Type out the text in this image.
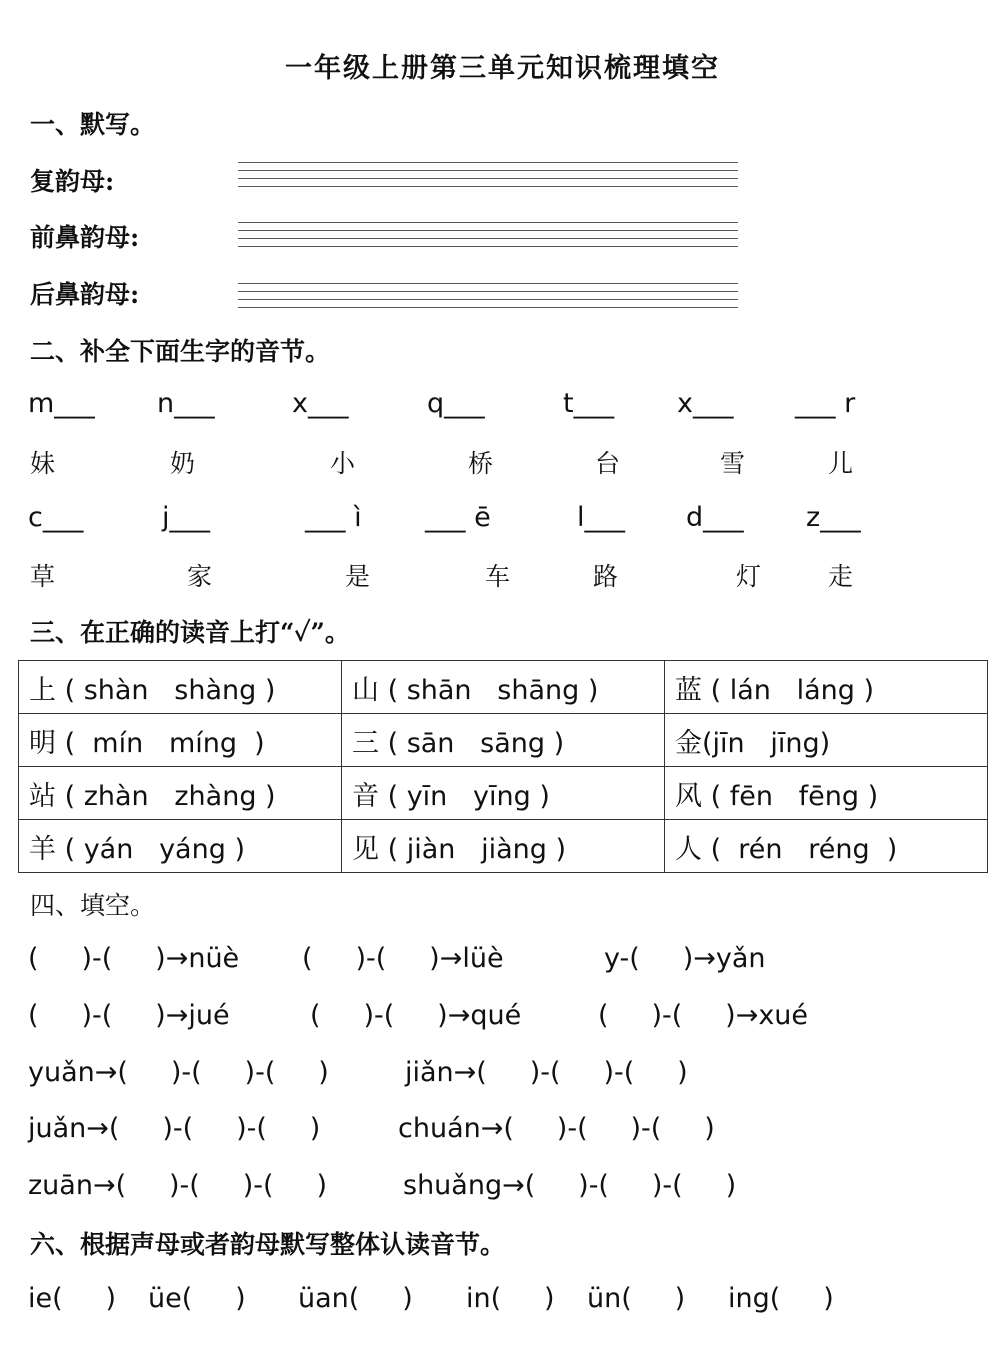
一年级上册第三单元知识梳理填空
一、默写。
复韵母:
前鼻韵母:
后鼻韵母:
二、补全下面生字的音节。
m___ n___	x___	q___	t___ x___ ___ r
妹	奶	小	桥	台	雪	儿
c___	j___	___ ì ___ ē	l___ d___ z___
草	家	是	车	路	灯	走
三、在正确的读音上打“✓”。
上 ( shàn   shàng )	山 ( shān   shāng )	蓝 ( lán   láng )
明 (  mín   míng  )	三 ( sān   sāng )	金(jīn   jīng)
站 ( zhàn   zhàng )	音 ( yīn   yīng )	风 ( fēn   fēng )
羊 ( yán   yáng )	见 ( jiàn   jiàng )	人 (  rén   réng  )
四、填空。
(     )-(     )→nüè (     )-(     )→lüè	y-(     )→yǎn
(     )-(     )→jué	(     )-(     )→qué	(     )-(     )→xué
yuǎn→(     )-(     )-(     )	jiǎn→(     )-(     )-(     )
juǎn→(     )-(     )-(     )	chuán→(     )-(     )-(     )
zuān→(     )-(     )-(     )	shuǎng→(     )-(     )-(     )
六、根据声母或者韵母默写整体认读音节。
ie(     ) üe(     ) üan(     ) in(     ) ün(     ) ing(     )
